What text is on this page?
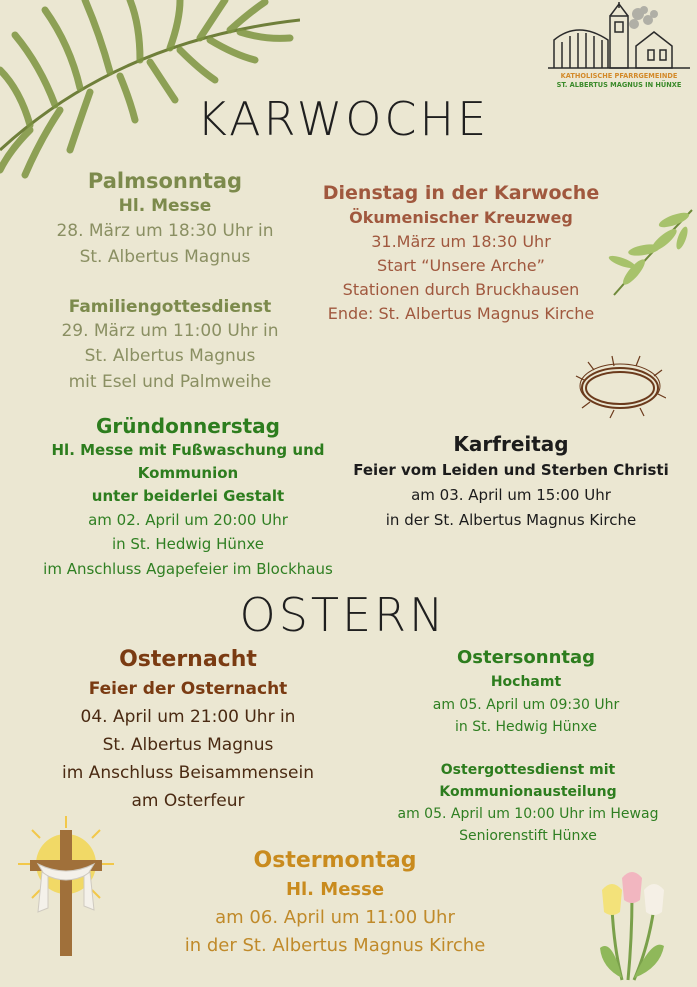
KATHOLISCHE PFARRGEMEINDE
ST. ALBERTUS MAGNUS IN HÜNXE
KARWOCHE
Palmsonntag
Hl. Messe
28. März um 18:30 Uhr in
St. Albertus Magnus
Familiengottesdienst
29. März um 11:00 Uhr in
St. Albertus Magnus
mit Esel und Palmweihe
Dienstag in der Karwoche
Ökumenischer Kreuzweg
31.März um 18:30 Uhr
Start “Unsere Arche”
Stationen durch Bruckhausen
Ende: St. Albertus Magnus Kirche
Gründonnerstag
Hl. Messe mit Fußwaschung und
Kommunion
unter beiderlei Gestalt
am 02. April um 20:00 Uhr
in St. Hedwig Hünxe
im Anschluss Agapefeier im Blockhaus
Karfreitag
Feier vom Leiden und Sterben Christi
am 03. April um 15:00 Uhr
in der St. Albertus Magnus Kirche
OSTERN
Osternacht
Feier der Osternacht
04. April um 21:00 Uhr in
St. Albertus Magnus
im Anschluss Beisammensein
am Osterfeur
Ostersonntag
Hochamt
am 05. April um 09:30 Uhr
in St. Hedwig Hünxe
Ostergottesdienst mit
Kommunionausteilung
am 05. April um 10:00 Uhr im Hewag
Seniorenstift Hünxe
Ostermontag
Hl. Messe
am 06. April um 11:00 Uhr
in der St. Albertus Magnus Kirche
